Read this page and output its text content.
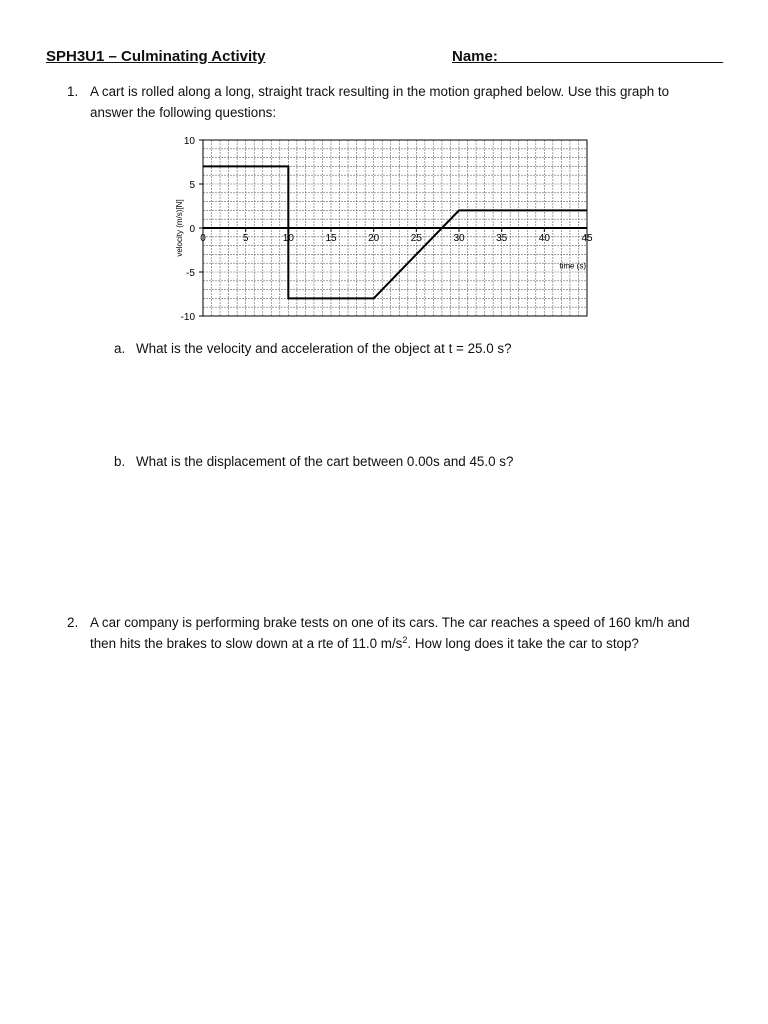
SPH3U1 – Culminating Activity	Name:___________________________
1. A cart is rolled along a long, straight track resulting in the motion graphed below. Use this graph to
answer the following questions:
10
5
0
-5
-10
0	5	10	15	20	25	30	35	40	45
time (s)
velocity (m/s)[N]
a. What is the velocity and acceleration of the object at t = 25.0 s?
b. What is the displacement of the cart between 0.00s and 45.0 s?
2. A car company is performing brake tests on one of its cars. The car reaches a speed of 160 km/h and
then hits the brakes to slow down at a rte of 11.0 $m/s^2$. How long does it take the car to stop?
